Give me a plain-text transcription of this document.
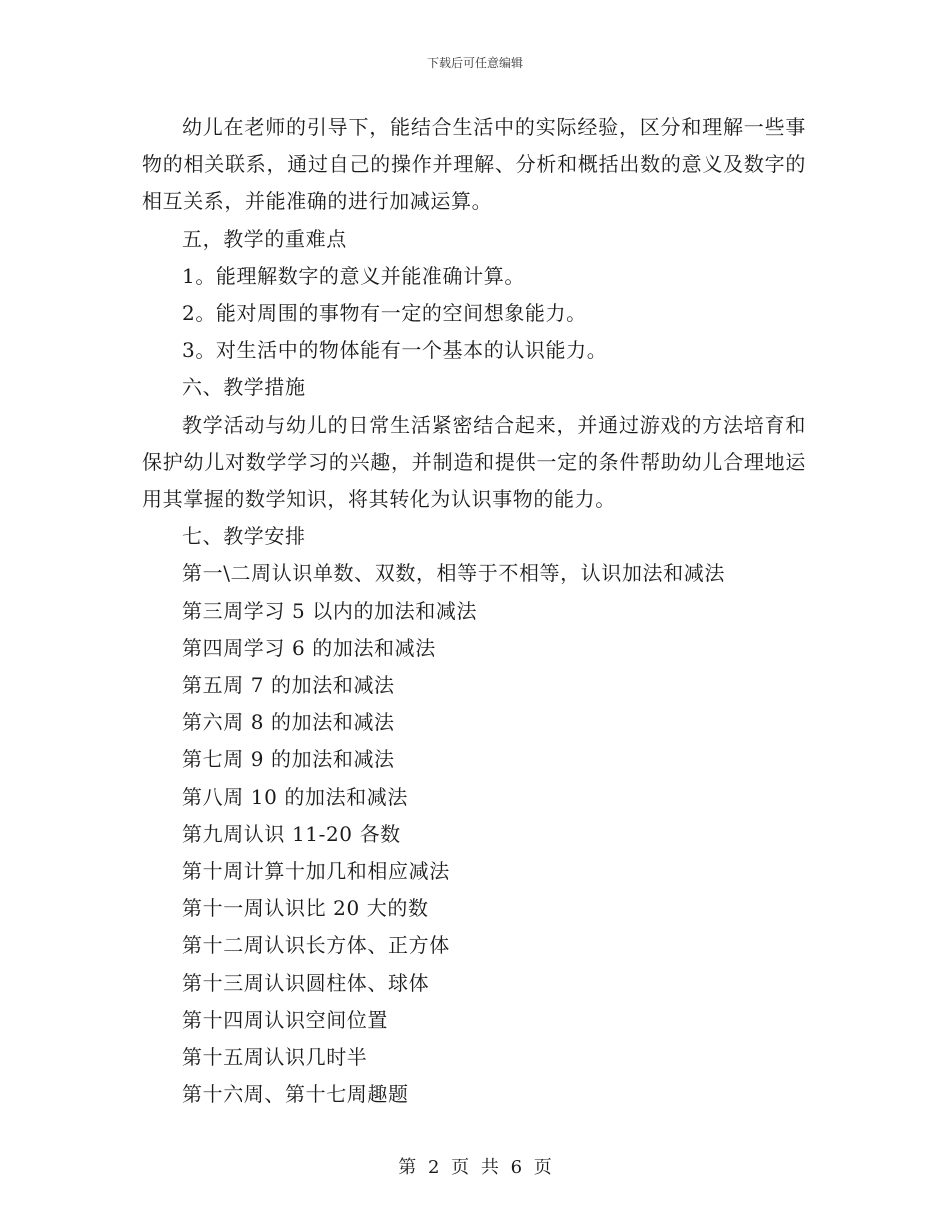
下载后可任意编辑

幼儿在老师的引导下，能结合生活中的实际经验，区分和理解一些事物的相关联系，通过自己的操作并理解、分析和概括出数的意义及数字的相互关系，并能准确的进行加减运算。

五，教学的重难点

1。能理解数字的意义并能准确计算。

2。能对周围的事物有一定的空间想象能力。

3。对生活中的物体能有一个基本的认识能力。

六、教学措施

教学活动与幼儿的日常生活紧密结合起来，并通过游戏的方法培育和保护幼儿对数学学习的兴趣，并制造和提供一定的条件帮助幼儿合理地运用其掌握的数学知识，将其转化为认识事物的能力。

七、教学安排

第一\二周认识单数、双数，相等于不相等，认识加法和减法

第三周学习 5 以内的加法和减法

第四周学习 6 的加法和减法

第五周 7 的加法和减法

第六周 8 的加法和减法

第七周 9 的加法和减法

第八周 10 的加法和减法

第九周认识 11-20 各数

第十周计算十加几和相应减法

第十一周认识比 20 大的数

第十二周认识长方体、正方体

第十三周认识圆柱体、球体

第十四周认识空间位置

第十五周认识几时半

第十六周、第十七周趣题

第 2 页 共 6 页
